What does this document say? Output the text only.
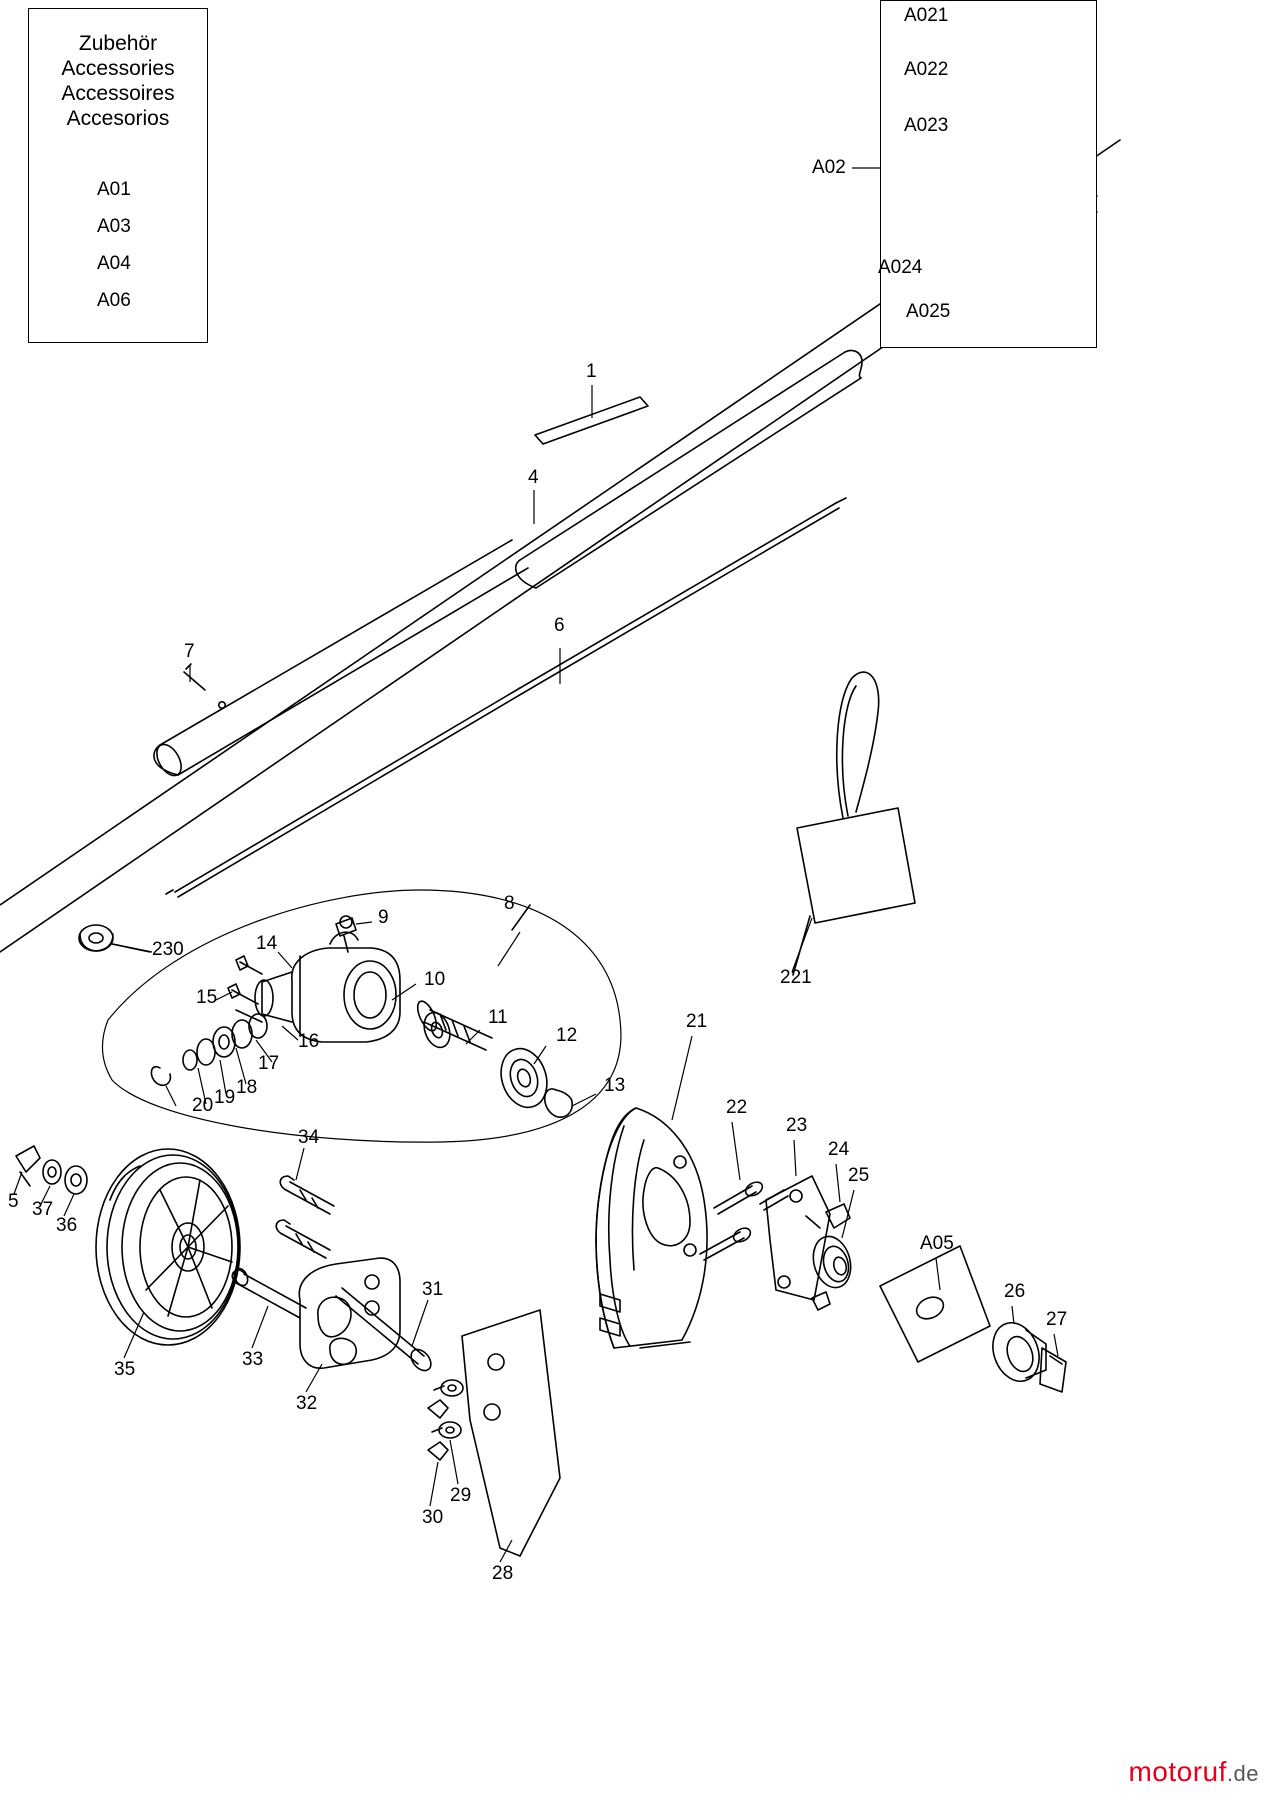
Zubehör
Accessories
Accessoires
Accesorios
A01
A03
A04
A06
A02
A021
A022
A023
A024
A025
1
4
6
7
230
221
8
9
10
11
12
13
14
15
16
17
18
19
20
21
22
23
24
25
26
27
28
29
30
31
32
33
34
35
36
37
5
A05
motoruf.de
